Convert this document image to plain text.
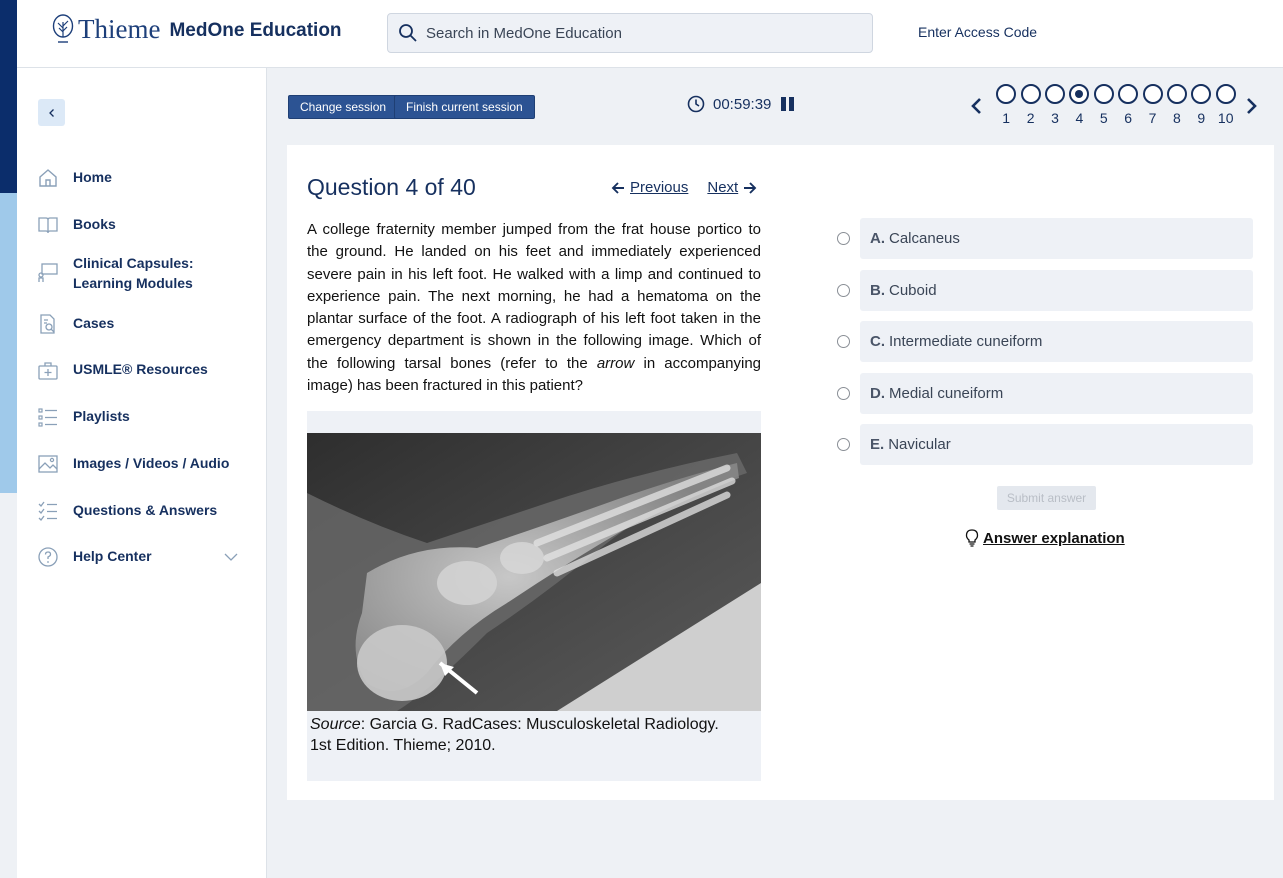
Thieme MedOne Education
Search in MedOne Education	Enter Access Code
Home
Books
Clinical Capsules: Learning Modules
Cases
USMLE® Resources
Playlists
Images / Videos / Audio
Questions & Answers
Help Center
Change session	Finish current session	00:59:39
1 2 3 4 5 6 7 8 9 10
Question 4 of 40	Previous Next

A college fraternity member jumped from the frat house portico to the ground. He landed on his feet and immediately experienced severe pain in his left foot. He walked with a limp and continued to experience pain. The next morning, he had a hematoma on the plantar surface of the foot. A radiograph of his left foot taken in the emergency department is shown in the following image. Which of the following tarsal bones (refer to the arrow in accompanying image) has been fractured in this patient?

Source: Garcia G. RadCases: Musculoskeletal Radiology.
1st Edition. Thieme; 2010.
A. Calcaneus
B. Cuboid
C. Intermediate cuneiform
D. Medial cuneiform
E. Navicular
Submit answer
Answer explanation
